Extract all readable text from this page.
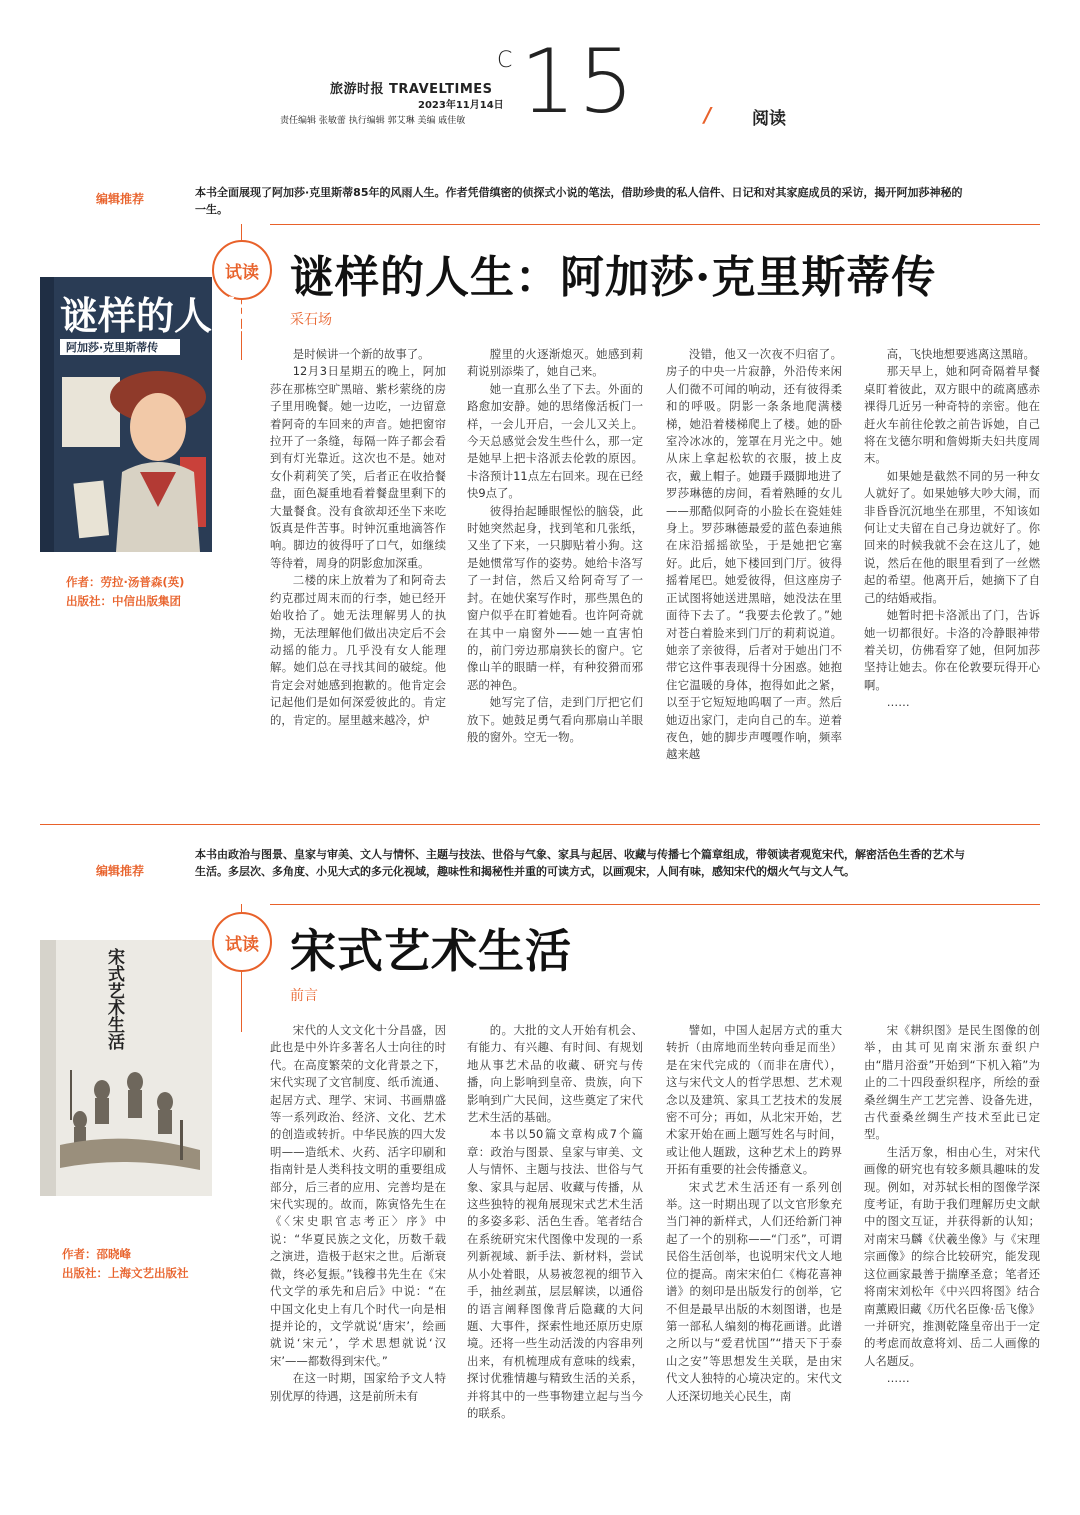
旅游时报 TRAVELTIMES
2023年11月14日
责任编辑 张敏蕾 执行编辑 郭艾琳 美编 戚佳敏
C 15	/ 阅读
编辑推荐	本书全面展现了阿加莎·克里斯蒂85年的风雨人生。作者凭借缜密的侦探式小说的笔法，借助珍贵的私人信件、日记和对其家庭成员的采访，揭开阿加莎神秘的一生。
试读 谜样的人生：阿加莎·克里斯蒂传
采石场
谜样的人生
阿加莎·克里斯蒂传
作者：劳拉·汤普森(英)
出版社：中信出版集团

是时候讲一个新的故事了。

12月3日星期五的晚上，阿加莎在那栋空旷黑暗、紫杉萦绕的房子里用晚餐。她一边吃，一边留意着阿奇的车回来的声音。她把窗帘拉开了一条缝，每隔一阵子都会看到有灯光靠近。这次也不是。她对女仆莉莉笑了笑，后者正在收拾餐盘，面色凝重地看着餐盘里剩下的大量餐食。没有食欲却还坐下来吃饭真是件苦事。时钟沉重地滴答作响。脚边的彼得吁了口气，如继续等待着，周身的阴影愈加深重。

二楼的床上放着为了和阿奇去约克郡过周末而的行李，她已经开始收拾了。她无法理解男人的执拗，无法理解他们做出决定后不会动摇的能力。几乎没有女人能理解。她们总在寻找其间的破绽。他肯定会对她感到抱歉的。他肯定会记起他们是如何深爱彼此的。肯定的，肯定的。屋里越来越冷，炉

膛里的火逐渐熄灭。她感到莉莉说别添柴了，她自己来。

她一直那么坐了下去。外面的路愈加安静。她的思绪像活板门一样，一会儿开启，一会儿又关上。今天总感觉会发生些什么，那一定是她早上把卡洛派去伦敦的原因。卡洛预计11点左右回来。现在已经快9点了。

彼得抬起睡眼惺忪的脑袋，此时她突然起身，找到笔和几张纸，又坐了下来，一只脚贴着小狗。这是她惯常写作的姿势。她给卡洛写了一封信，然后又给阿奇写了一封。在她伏案写作时，那些黑色的窗户似乎在盯着她看。也许阿奇就在其中一扇窗外——她一直害怕的，前门旁边那扇狭长的窗户。它像山羊的眼睛一样，有种狡猾而邪恶的神色。

她写完了信，走到门厅把它们放下。她鼓足勇气看向那扇山羊眼般的窗外。空无一物。

没错，他又一次夜不归宿了。房子的中央一片寂静，外沿传来闲人们微不可闻的响动，还有彼得柔和的呼吸。阴影一条条地爬满楼梯，她沿着楼梯爬上了楼。她的卧室冷冰冰的，笼罩在月光之中。她从床上拿起松软的衣服，披上皮衣，戴上帽子。她蹑手蹑脚地进了罗莎琳德的房间，看着熟睡的女儿——那酷似阿奇的小脸长在瓷娃娃身上。罗莎琳德最爱的蓝色泰迪熊在床沿摇摇欲坠，于是她把它塞好。此后，她下楼回到门厅。彼得摇着尾巴。她爱彼得，但这座房子正试图将她送进黑暗，她没法在里面待下去了。“我要去伦敦了。”她对苍白着脸来到门厅的莉莉说道。她亲了亲彼得，后者对于她出门不带它这件事表现得十分困惑。她抱住它温暖的身体，抱得如此之紧，以至于它短短地呜咽了一声。然后她迈出家门，走向自己的车。逆着夜色，她的脚步声嘎嘎作响，频率越来越

高，飞快地想要逃离这黑暗。

那天早上，她和阿奇隔着早餐桌盯着彼此，双方眼中的疏离感赤裸得几近另一种奇特的亲密。他在赶火车前往伦敦之前告诉她，自己将在戈德尔明和詹姆斯夫妇共度周末。

如果她是截然不同的另一种女人就好了。如果她够大吵大闹，而非昏昏沉沉地坐在那里，不知该如何让丈夫留在自己身边就好了。你回来的时候我就不会在这儿了，她说，然后在他的眼里看到了一丝燃起的希望。他离开后，她摘下了自己的结婚戒指。

她暂时把卡洛派出了门，告诉她一切都很好。卡洛的冷静眼神带着关切，仿佛看穿了她，但阿加莎坚持让她去。你在伦敦要玩得开心啊。

……

编辑推荐
本书由政治与图景、皇家与审美、文人与情怀、主题与技法、世俗与气象、家具与起居、收藏与传播七个篇章组成，带领读者观览宋代，解密活色生香的艺术与生活。多层次、多角度、小见大式的多元化视域，趣味性和揭秘性并重的可读方式，以画观宋，人间有味，感知宋代的烟火气与文人气。
试读 宋式艺术生活
前言
宋式艺术生活
作者：邵晓峰
出版社：上海文艺出版社

宋代的人文文化十分昌盛，因此也是中外许多著名人士向往的时代。在高度繁荣的文化背景之下，宋代实现了文官制度、纸币流通、起居方式、理学、宋词、书画鼎盛等一系列政治、经济、文化、艺术的创造或转折。中华民族的四大发明——造纸术、火药、活字印刷和指南针是人类科技文明的重要组成部分，后三者的应用、完善均是在宋代实现的。故而，陈寅恪先生在《〈宋史职官志考正〉序》中说：“华夏民族之文化，历数千载之演进，造极于赵宋之世。后渐衰微，终必复振。”钱穆书先生在《宋代文学的承先和启后》中说：“在中国文化史上有几个时代一向是相提并论的，文学就说‘唐宋’，绘画就说‘宋元’，学术思想就说‘汉宋’——都数得到宋代。”

在这一时期，国家给予文人特别优厚的待遇，这是前所未有

的。大批的文人开始有机会、有能力、有兴趣、有时间、有规划地从事艺术品的收藏、研究与传播，向上影响到皇帝、贵族，向下影响到广大民间，这些奠定了宋代艺术生活的基础。

本书以50篇文章构成7个篇章：政治与图景、皇家与审美、文人与情怀、主题与技法、世俗与气象、家具与起居、收藏与传播，从这些独特的视角展现宋式艺术生活的多姿多彩、活色生香。笔者结合在系统研究宋代图像中发现的一系列新视域、新手法、新材料，尝试从小处着眼，从易被忽视的细节入手，抽丝剥茧，层层解读，以通俗的语言阐释图像背后隐藏的大问题、大事件，探索性地还原历史原境。还将一些生动活泼的内容串列出来，有机梳理成有意味的线索，探讨优雅情趣与精致生活的关系，并将其中的一些事物建立起与当今的联系。

譬如，中国人起居方式的重大转折（由席地而坐转向垂足而坐）是在宋代完成的（而非在唐代），这与宋代文人的哲学思想、艺术观念以及建筑、家具工艺技术的发展密不可分；再如，从北宋开始，艺术家开始在画上题写姓名与时间，或让他人题跋，这种艺术上的跨界开拓有重要的社会传播意义。

宋式艺术生活还有一系列创举。这一时期出现了以文官形象充当门神的新样式，人们还给新门神起了一个的别称——“门丞”，可谓民俗生活创举，也说明宋代文人地位的提高。南宋宋伯仁《梅花喜神谱》的刻印是出版发行的创举，它不但是最早出版的木刻图谱，也是第一部私人编刻的梅花画谱。此谱之所以与“爱君忧国”“措天下于泰山之安”等思想发生关联，是由宋代文人独特的心境决定的。宋代文人还深切地关心民生，南

宋《耕织图》是民生图像的创举，由其可见南宋浙东蚕织户由“腊月浴蚕”开始到“下机入箱”为止的二十四段蚕织程序，所绘的蚕桑丝绸生产工艺完善、设备先进，古代蚕桑丝绸生产技术至此已定型。

生活万象，相由心生，对宋代画像的研究也有较多颇具趣味的发现。例如，对苏轼长相的图像学深度考证，有助于我们理解历史文献中的图文互证，并获得新的认知；对南宋马麟《伏羲坐像》与《宋理宗画像》的综合比较研究，能发现这位画家最善于揣摩圣意；笔者还将南宋刘松年《中兴四将图》结合南薰殿旧藏《历代名臣像·岳飞像》一并研究，推测乾隆皇帝出于一定的考虑而故意将刘、岳二人画像的人名题反。

……
